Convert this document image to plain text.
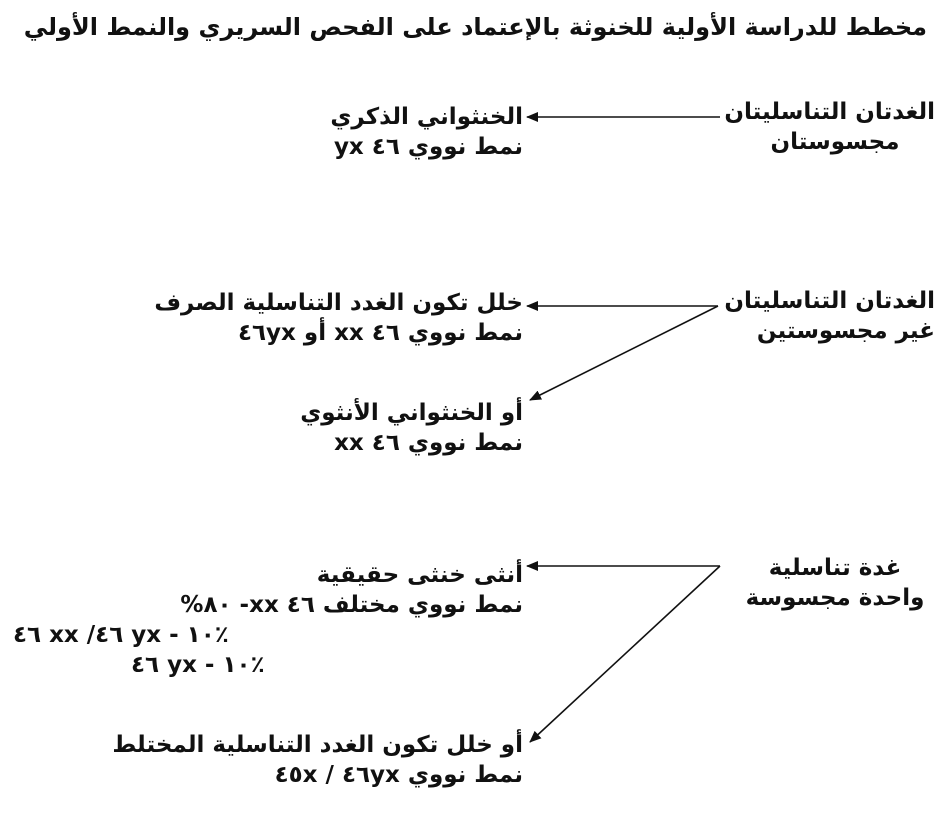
مخطط للدراسة الأولية للخنوثة بالإعتماد على الفحص السريري والنمط الأولي
الغدتان التناسليتان
مجسوستان
الخنثواني الذكري
نمط نووي ٤٦ yx
الغدتان التناسليتان
غير مجسوستين
خلل تكون الغدد التناسلية الصرف
نمط نووي ٤٦ xx أو ٤٦yx
أو الخنثواني الأنثوي
نمط نووي ٤٦ xx
غدة تناسلية
واحدة مجسوسة
أنثى خنثى حقيقية
نمط نووي مختلف ٤٦ xx- ٨٠%
٤٦ xx /٤٦ yx - ١٠٪
٤٦ yx - ١٠٪
أو خلل تكون الغدد التناسلية المختلط
نمط نووي ٤٦yx / ٤٥x
